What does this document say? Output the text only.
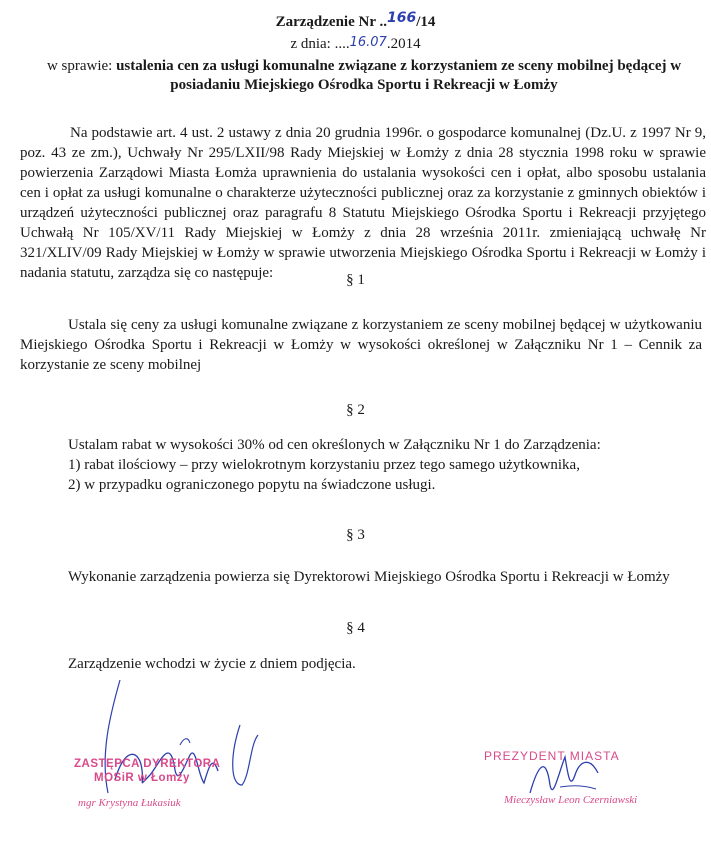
Zarządzenie Nr ..166/14
z dnia: ....16.07.2014
w sprawie: ustalenia cen za usługi komunalne związane z korzystaniem ze sceny mobilnej będącej w posiadaniu Miejskiego Ośrodka Sportu i Rekreacji w Łomży
Na podstawie art. 4 ust. 2 ustawy z dnia 20 grudnia 1996r. o gospodarce komunalnej (Dz.U. z 1997 Nr 9, poz. 43 ze zm.), Uchwały Nr 295/LXII/98 Rady Miejskiej w Łomży z dnia 28 stycznia 1998 roku w sprawie powierzenia Zarządowi Miasta Łomża uprawnienia do ustalania wysokości cen i opłat, albo sposobu ustalania cen i opłat za usługi komunalne o charakterze użyteczności publicznej oraz za korzystanie z gminnych obiektów i urządzeń użyteczności publicznej oraz paragrafu 8 Statutu Miejskiego Ośrodka Sportu i Rekreacji przyjętego Uchwałą Nr 105/XV/11 Rady Miejskiej w Łomży z dnia 28 września 2011r. zmieniającą uchwałę Nr 321/XLIV/09 Rady Miejskiej w Łomży w sprawie utworzenia Miejskiego Ośrodka Sportu i Rekreacji w Łomży i nadania statutu, zarządza się co następuje:	§ 1
Ustala się ceny za usługi komunalne związane z korzystaniem ze sceny mobilnej będącej w użytkowaniu Miejskiego Ośrodka Sportu i Rekreacji w Łomży w wysokości określonej w Załączniku Nr 1 – Cennik za korzystanie ze sceny mobilnej
§ 2
Ustalam rabat w wysokości 30% od cen określonych w Załączniku Nr 1 do Zarządzenia:
1) rabat ilościowy – przy wielokrotnym korzystaniu przez tego samego użytkownika,
2) w przypadku ograniczonego popytu na świadczone usługi.
§ 3
Wykonanie zarządzenia powierza się Dyrektorowi Miejskiego Ośrodka Sportu i Rekreacji w Łomży
§ 4
Zarządzenie wchodzi w życie z dniem podjęcia.
ZASTĘPCA DYREKTORA
MOSiR w Łomży
mgr Krystyna Łukasiuk
PREZYDENT MIASTA
Mieczysław Leon Czerniawski
